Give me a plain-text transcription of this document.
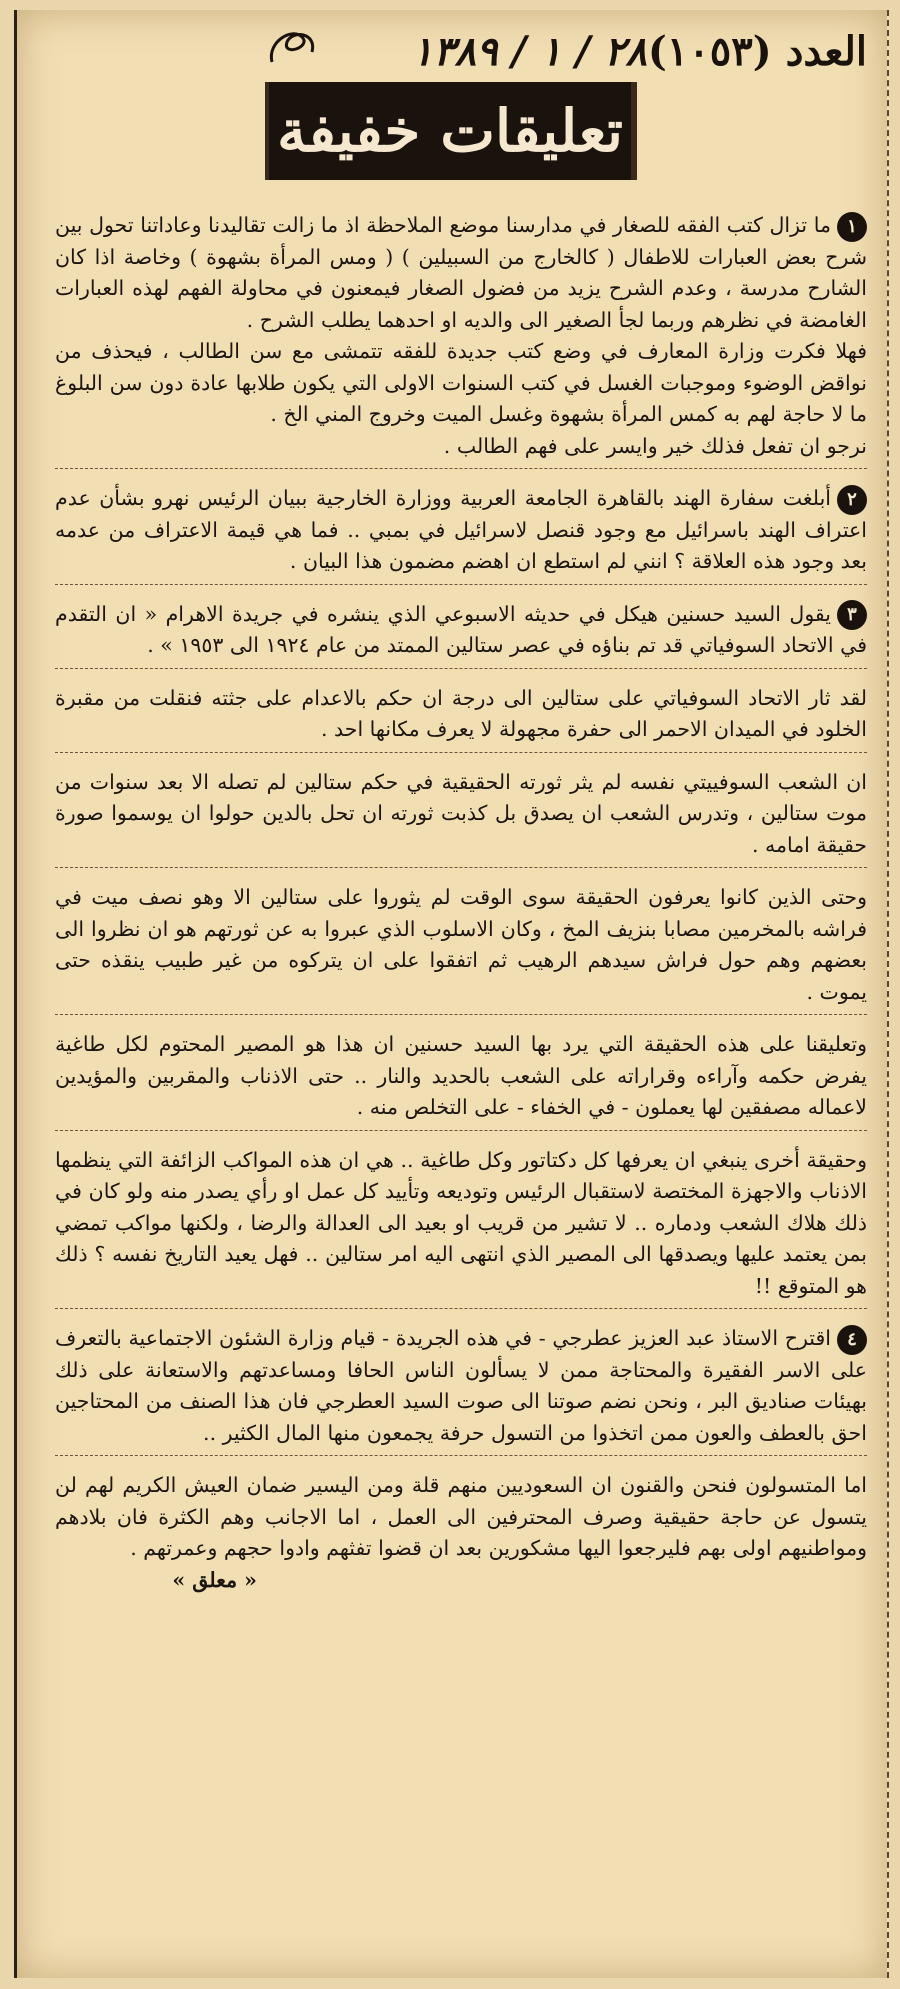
العدد (١٠٥٣)
٢٨ / ١ / ١٣٨٩
تعليقات خفيفة

١ما تزال كتب الفقه للصغار في مدارسنا موضع الملاحظة اذ ما زالت تقاليدنا وعاداتنا تحول بين شرح بعض العبارات للاطفال ( كالخارج من السبيلين ) ( ومس المرأة بشهوة ) وخاصة اذا كان الشارح مدرسة ، وعدم الشرح يزيد من فضول الصغار فيمعنون في محاولة الفهم لهذه العبارات الغامضة في نظرهم وربما لجأ الصغير الى والديه او احدهما يطلب الشرح .

فهلا فكرت وزارة المعارف في وضع كتب جديدة للفقه تتمشى مع سن الطالب ، فيحذف من نواقض الوضوء وموجبات الغسل في كتب السنوات الاولى التي يكون طلابها عادة دون سن البلوغ ما لا حاجة لهم به كمس المرأة بشهوة وغسل الميت وخروج المني الخ .

نرجو ان تفعل فذلك خير وايسر على فهم الطالب .

٢أبلغت سفارة الهند بالقاهرة الجامعة العربية ووزارة الخارجية ببيان الرئيس نهرو بشأن عدم اعتراف الهند باسرائيل مع وجود قنصل لاسرائيل في بمبي .. فما هي قيمة الاعتراف من عدمه بعد وجود هذه العلاقة ؟ انني لم استطع ان اهضم مضمون هذا البيان .

٣يقول السيد حسنين هيكل في حديثه الاسبوعي الذي ينشره في جريدة الاهرام « ان التقدم في الاتحاد السوفياتي قد تم بناؤه في عصر ستالين الممتد من عام ١٩٢٤ الى ١٩٥٣ » .

لقد ثار الاتحاد السوفياتي على ستالين الى درجة ان حكم بالاعدام على جثته فنقلت من مقبرة الخلود في الميدان الاحمر الى حفرة مجهولة لا يعرف مكانها احد .

ان الشعب السوفييتي نفسه لم يثر ثورته الحقيقية في حكم ستالين لم تصله الا بعد سنوات من موت ستالين ، وتدرس الشعب ان يصدق بل كذبت ثورته ان تحل بالدين حولوا ان يوسموا صورة حقيقة امامه .

وحتى الذين كانوا يعرفون الحقيقة سوى الوقت لم يثوروا على ستالين الا وهو نصف ميت في فراشه بالمخرمين مصابا بنزيف المخ ، وكان الاسلوب الذي عبروا به عن ثورتهم هو ان نظروا الى بعضهم وهم حول فراش سيدهم الرهيب ثم اتفقوا على ان يتركوه من غير طبيب ينقذه حتى يموت .

وتعليقنا على هذه الحقيقة التي يرد بها السيد حسنين ان هذا هو المصير المحتوم لكل طاغية يفرض حكمه وآراءه وقراراته على الشعب بالحديد والنار .. حتى الاذناب والمقربين والمؤيدين لاعماله مصفقين لها يعملون - في الخفاء - على التخلص منه .

وحقيقة أخرى ينبغي ان يعرفها كل دكتاتور وكل طاغية .. هي ان هذه المواكب الزائفة التي ينظمها الاذناب والاجهزة المختصة لاستقبال الرئيس وتوديعه وتأييد كل عمل او رأي يصدر منه ولو كان في ذلك هلاك الشعب ودماره .. لا تشير من قريب او بعيد الى العدالة والرضا ، ولكنها مواكب تمضي بمن يعتمد عليها ويصدقها الى المصير الذي انتهى اليه امر ستالين .. فهل يعيد التاريخ نفسه ؟ ذلك هو المتوقع !!

٤اقترح الاستاذ عبد العزيز عطرجي - في هذه الجريدة - قيام وزارة الشئون الاجتماعية بالتعرف على الاسر الفقيرة والمحتاجة ممن لا يسألون الناس الحافا ومساعدتهم والاستعانة على ذلك بهيئات صناديق البر ، ونحن نضم صوتنا الى صوت السيد العطرجي فان هذا الصنف من المحتاجين احق بالعطف والعون ممن اتخذوا من التسول حرفة يجمعون منها المال الكثير ..

اما المتسولون فنحن والقنون ان السعوديين منهم قلة ومن اليسير ضمان العيش الكريم لهم لن يتسول عن حاجة حقيقية وصرف المحترفين الى العمل ، اما الاجانب وهم الكثرة فان بلادهم ومواطنيهم اولى بهم فليرجعوا اليها مشكورين بعد ان قضوا تفثهم وادوا حجهم وعمرتهم .

« معلق »
